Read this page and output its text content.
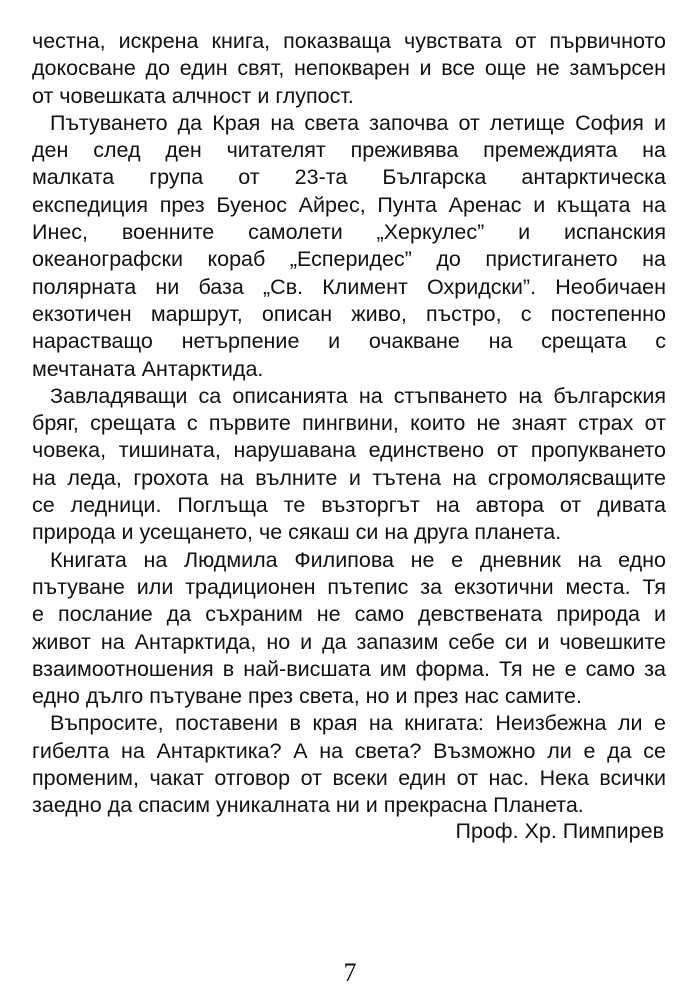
честна, искрена книга, показваща чувствата от първичното
докосване до един свят, непокварен и все още не замърсен
от човешката алчност и глупост.

Пътуването да Края на света започва от летище София и
ден след ден читателят преживява премеждията на
малката група от 23-та Българска антарктическа
експедиция през Буенос Айрес, Пунта Аренас и къщата на
Инес, военните самолети „Херкулес” и испанския
океанографски кораб „Есперидес” до пристигането на
полярната ни база „Св. Климент Охридски”. Необичаен
екзотичен маршрут, описан живо, пъстро, с постепенно
нарастващо нетърпение и очакване на срещата с
мечтаната Антарктида.

Завладяващи са описанията на стъпването на българския
бряг, срещата с първите пингвини, които не знаят страх от
човека, тишината, нарушавана единствено от пропукването
на леда, грохота на вълните и тътена на сгромолясващите
се ледници. Поглъща те възторгът на автора от дивата
природа и усещането, че сякаш си на друга планета.

Книгата на Людмила Филипова не е дневник на едно
пътуване или традиционен пътепис за екзотични места. Тя
е послание да съхраним не само девствената природа и
живот на Антарктида, но и да запазим себе си и човешките
взаимоотношения в най-висшата им форма. Тя не е само за
едно дълго пътуване през света, но и през нас самите.

Въпросите, поставени в края на книгата: Неизбежна ли е
гибелта на Антарктика? А на света? Възможно ли е да се
променим, чакат отговор от всеки един от нас. Нека всички
заедно да спасим уникалната ни и прекрасна Планета.

Проф. Хр. Пимпирев
7
